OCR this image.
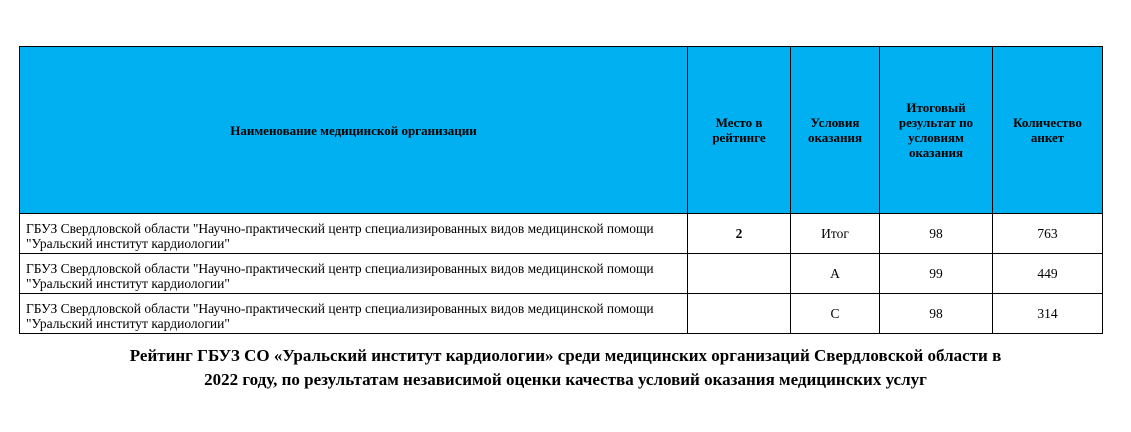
Наименование медицинской организации	Место в рейтинге	Условия оказания	Итоговый результат по условиям оказания	Количество анкет
ГБУЗ Свердловской области "Научно-практический центр специализированных видов медицинской помощи "Уральский институт кардиологии"	2	Итог	98	763
ГБУЗ Свердловской области "Научно-практический центр специализированных видов медицинской помощи "Уральский институт кардиологии"		А	99	449
ГБУЗ Свердловской области "Научно-практический центр специализированных видов медицинской помощи "Уральский институт кардиологии"		С	98	314

Рейтинг ГБУЗ СО «Уральский институт кардиологии» среди медицинских организаций Свердловской области в
2022 году, по результатам независимой оценки качества условий оказания медицинских услуг
